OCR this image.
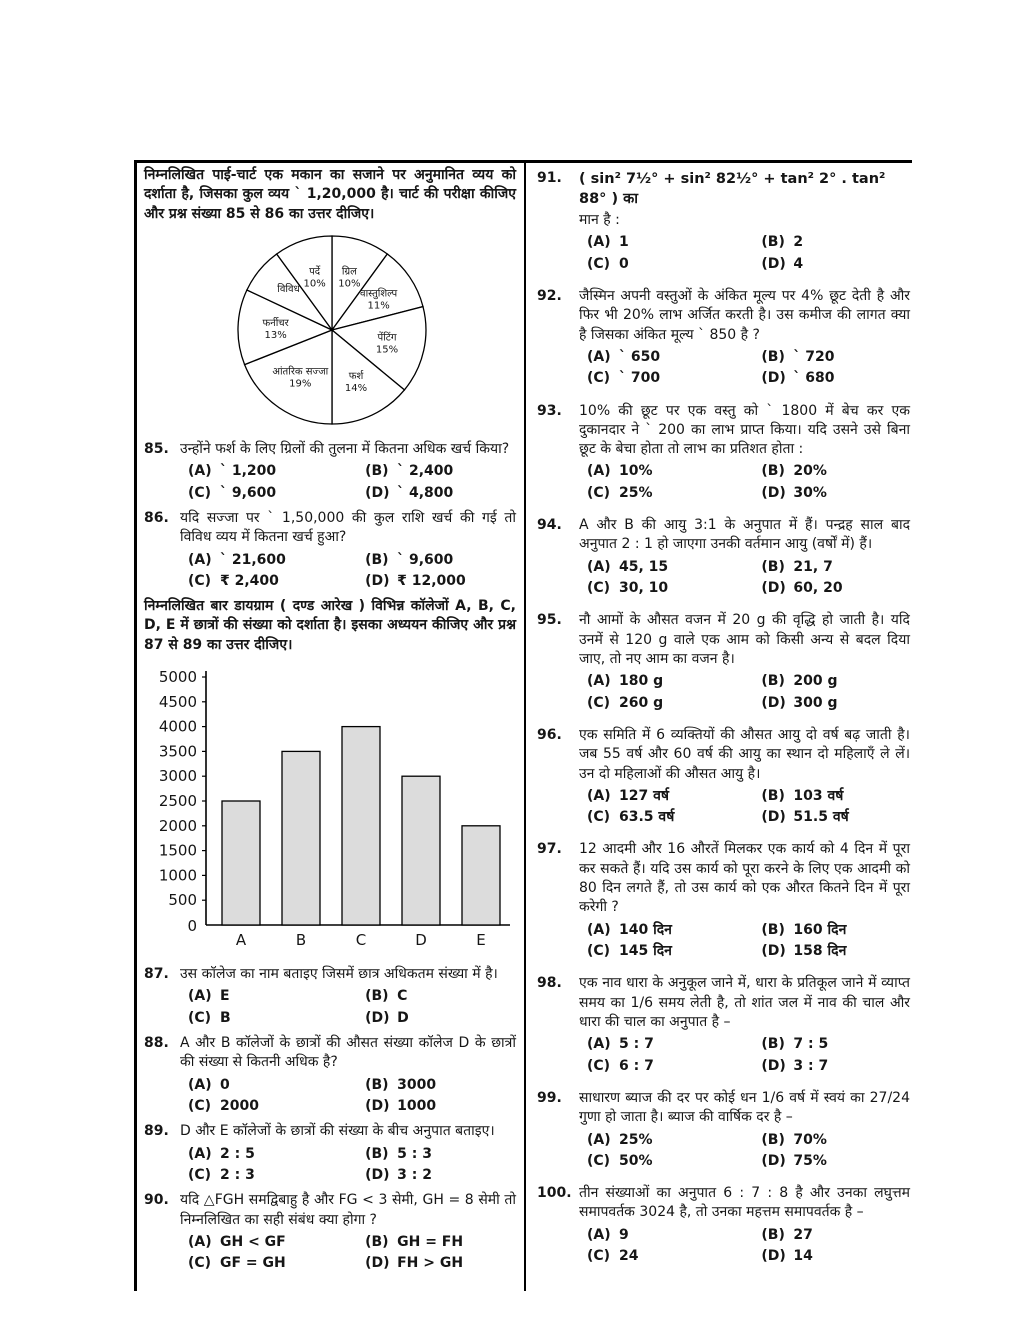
निम्नलिखित पाई-चार्ट एक मकान का सजाने पर अनुमानित व्यय को दर्शाता है, जिसका कुल व्यय ` 1,20,000 है। चार्ट की परीक्षा कीजिए और प्रश्न संख्या 85 से 86 का उत्तर दीजिए।

ग्रिल
10%
वास्तुशिल्प
11%
पेंटिंग
15%
फर्श
14%
आंतरिक सज्जा
19%
फर्नीचर
13%
विविध
पर्दे
10%
85. उन्होंने फर्श के लिए ग्रिलों की तुलना में कितना अधिक खर्च किया?
(A) ` 1,200	(B) ` 2,400
(C) ` 9,600	(D) ` 4,800
86. यदि सज्जा पर ` 1,50,000 की कुल राशि खर्च की गई तो विविध व्यय में कितना खर्च हुआ?
(A) ` 21,600	(B) ` 9,600
(C) ₹ 2,400	(D) ₹ 12,000

निम्नलिखित बार डायग्राम ( दण्ड आरेख ) विभिन्न कॉलेजों A, B, C, D, E में छात्रों की संख्या को दर्शाता है। इसका अध्ययन कीजिए और प्रश्न 87 से 89 का उत्तर दीजिए।

500
1000
1500
2000
2500
3000
3500
4000
4500
5000
0
A	B	C	D	E
87. उस कॉलेज का नाम बताइए जिसमें छात्र अधिकतम संख्या में है।
(A) E	(B) C
(C) B	(D) D
88. A और B कॉलेजों के छात्रों की औसत संख्या कॉलेज D के छात्रों की संख्या से कितनी अधिक है?
(A) 0	(B) 3000
(C) 2000	(D) 1000
89. D और E कॉलेजों के छात्रों की संख्या के बीच अनुपात बताइए।
(A) 2 : 5	(B) 5 : 3
(C) 2 : 3	(D) 3 : 2
90. यदि △FGH समद्विबाहु है और FG < 3 सेमी, GH = 8 सेमी तो निम्नलिखित का सही संबंध क्या होगा ?
(A) GH < GF	(B) GH = FH
(C) GF = GH	(D) FH > GH
91.	( sin² 7½° + sin² 82½° + tan² 2° . tan² 88° ) का
मान है :
(A) 1	(B) 2
(C) 0	(D) 4
92.	जैस्मिन अपनी वस्तुओं के अंकित मूल्य पर 4% छूट देती है और फिर भी 20% लाभ अर्जित करती है। उस कमीज की लागत क्या है जिसका अंकित मूल्य ` 850 है ?
(A) ` 650	(B) ` 720
(C) ` 700	(D) ` 680
93.	10% की छूट पर एक वस्तु को ` 1800 में बेच कर एक दुकानदार ने ` 200 का लाभ प्राप्त किया। यदि उसने उसे बिना छूट के बेचा होता तो लाभ का प्रतिशत होता :
(A) 10%	(B) 20%
(C) 25%	(D) 30%
94.	A और B की आयु 3:1 के अनुपात में हैं। पन्द्रह साल बाद अनुपात 2 : 1 हो जाएगा उनकी वर्तमान आयु (वर्षों में) हैं।
(A) 45, 15	(B) 21, 7
(C) 30, 10	(D) 60, 20
95.	नौ आमों के औसत वजन में 20 g की वृद्धि हो जाती है। यदि उनमें से 120 g वाले एक आम को किसी अन्य से बदल दिया जाए, तो नए आम का वजन है।
(A) 180 g	(B) 200 g
(C) 260 g	(D) 300 g
96.	एक समिति में 6 व्यक्तियों की औसत आयु दो वर्ष बढ़ जाती है। जब 55 वर्ष और 60 वर्ष की आयु का स्थान दो महिलाएँ ले लें। उन दो महिलाओं की औसत आयु है।
(A) 127 वर्ष	(B) 103 वर्ष
(C) 63.5 वर्ष	(D) 51.5 वर्ष
97.	12 आदमी और 16 औरतें मिलकर एक कार्य को 4 दिन में पूरा कर सकते हैं। यदि उस कार्य को पूरा करने के लिए एक आदमी को 80 दिन लगते हैं, तो उस कार्य को एक औरत कितने दिन में पूरा करेगी ?
(A) 140 दिन	(B) 160 दिन
(C) 145 दिन	(D) 158 दिन
98.	एक नाव धारा के अनुकूल जाने में, धारा के प्रतिकूल जाने में व्याप्त समय का 1/6 समय लेती है, तो शांत जल में नाव की चाल और धारा की चाल का अनुपात है –
(A) 5 : 7	(B) 7 : 5
(C) 6 : 7	(D) 3 : 7
99.	साधारण ब्याज की दर पर कोई धन 1/6 वर्ष में स्वयं का 27/24 गुणा हो जाता है। ब्याज की वार्षिक दर है –
(A) 25%	(B) 70%
(C) 50%	(D) 75%
100. तीन संख्याओं का अनुपात 6 : 7 : 8 है और उनका लघुत्तम समापवर्तक 3024 है, तो उनका महत्तम समापवर्तक है –
(A) 9	(B) 27
(C) 24	(D) 14
